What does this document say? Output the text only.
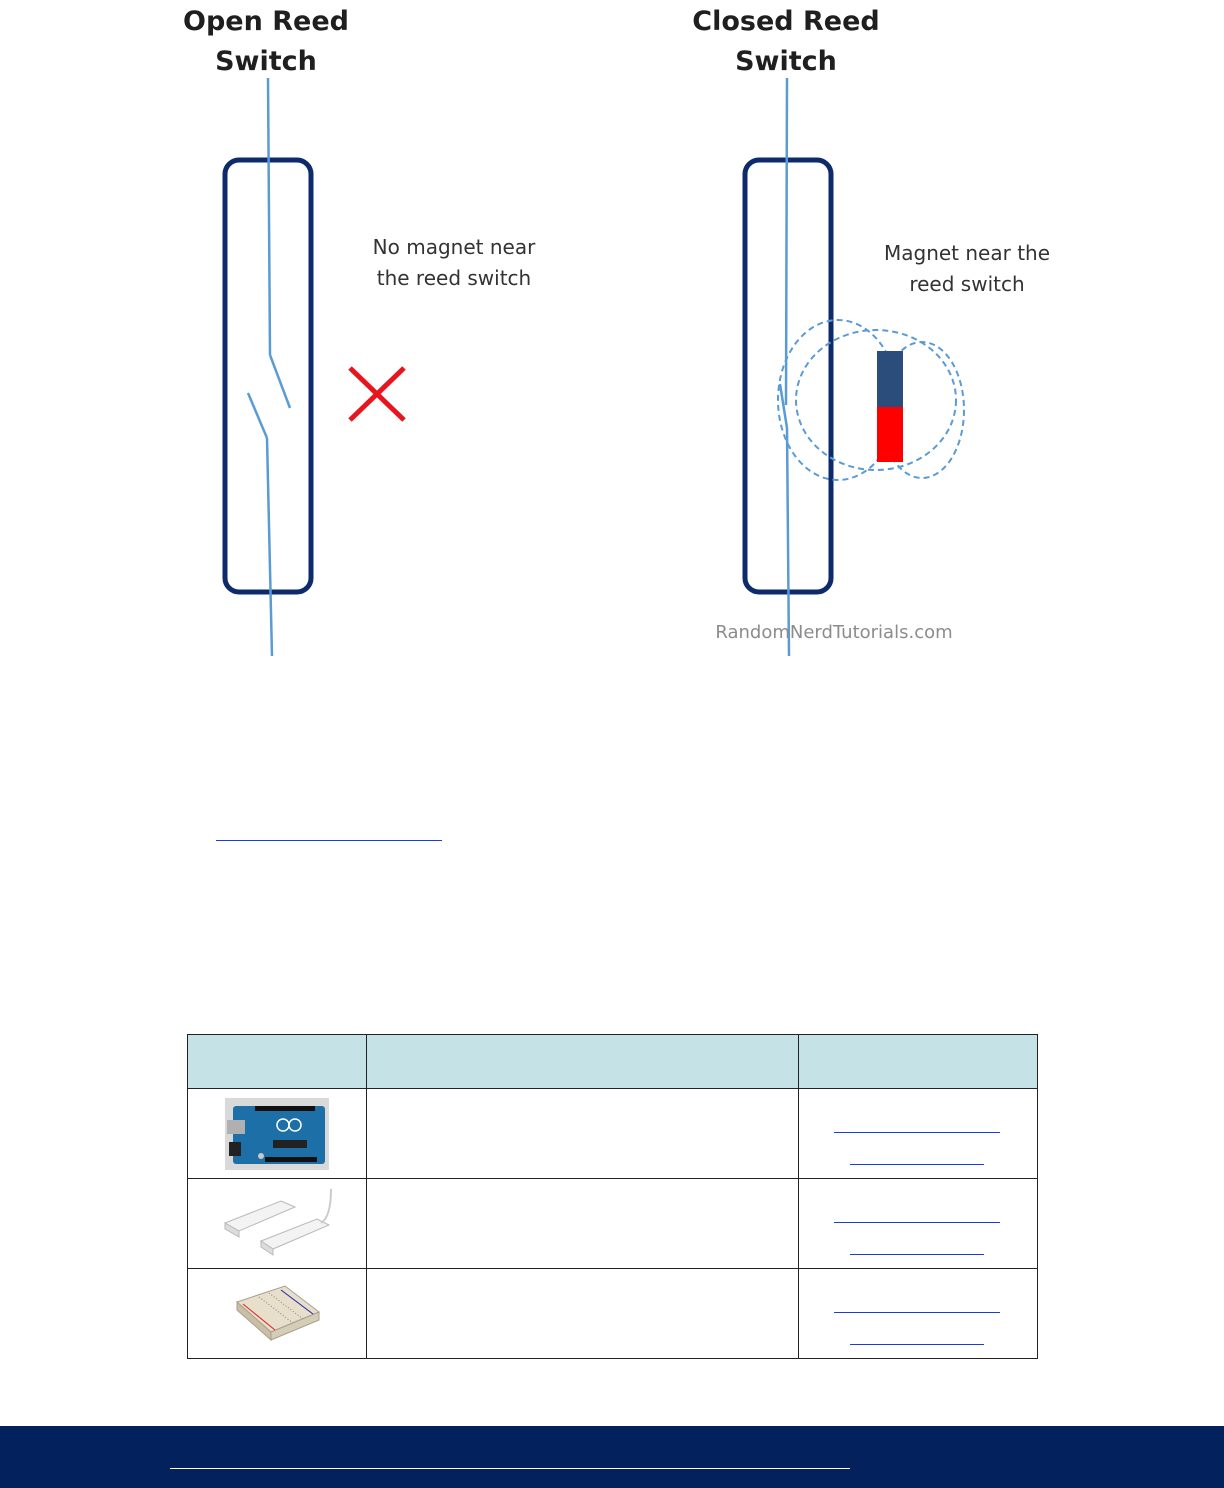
Open Reed
Switch
No magnet near
the reed switch
Closed Reed
Switch
Magnet near the
reed switch
RandomNerdTutorials.com
